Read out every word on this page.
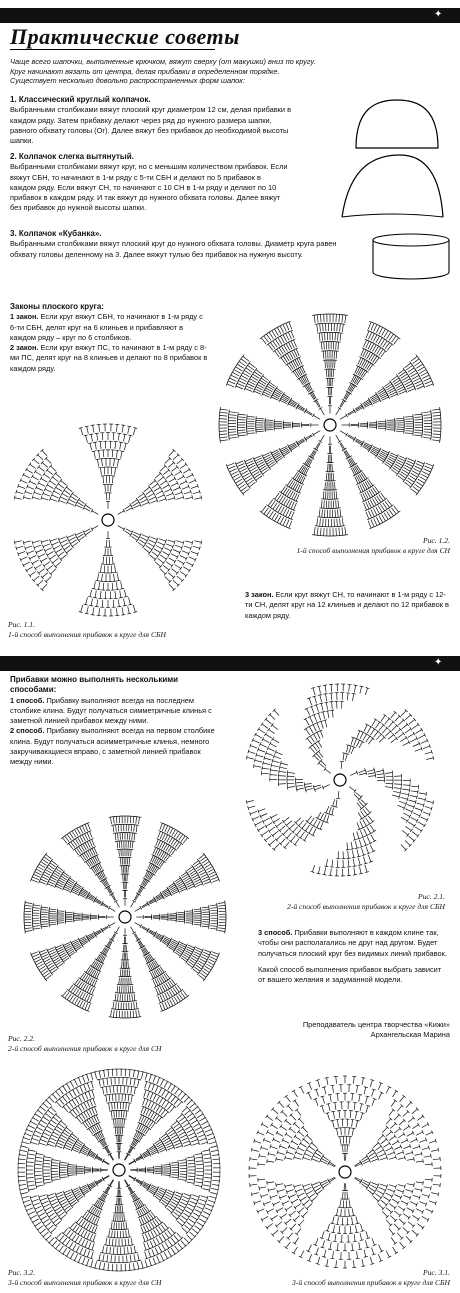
✦
Практические советы

Чаще всего шапочки, выполненные крючком, вяжут сверху (от макушки) вниз по кругу.

Круг начинают вязать от центра, делая прибавки в определенном порядке.

Существует несколько довольно распространенных форм шапок:

1. Классический круглый колпачок.

Выбранными столбиками вяжут плоский круг диаметром 12 см, делая прибавки в каждом ряду. Затем прибавку делают через ряд до нужного размера шапки, равного обхвату головы (Ог). Далее вяжут без прибавок до необходимой высоты шапки.

2. Колпачок слегка вытянутый.

Выбранными столбиками вяжут круг, но с меньшим количеством прибавок. Если вяжут СБН, то начинают в 1-м ряду с 5-ти СБН и делают по 5 прибавок в каждом ряду. Если вяжут СН, то начинают с 10 СН в 1-м ряду и делают по 10 прибавок в каждом ряду. И так вяжут до нужного обхвата головы. Далее вяжут без прибавок до нужной высоты шапки.

3. Колпачок «Кубанка».

Выбранными столбиками вяжут плоский круг до нужного обхвата головы. Диаметр круга равен обхвату головы деленному на 3. Далее вяжут тулью без прибавок на нужную высоту.

Законы плоского круга:

1 закон. Если круг вяжут СБН, то начинают в 1-м ряду с 6-ти СБН, делят круг на 6 клиньев и прибавляют в каждом ряду – круг по 6 столбиков.

2 закон. Если круг вяжут ПС, то начинают в 1-м ряду с 8-ми ПС, делят круг на 8 клиньев и делают по 8 прибавок в каждом ряду.

Рис. 1.2.

1-й способ выполнения прибавок в круге для СН

Рис. 1.1.

1-й способ выполнения прибавок в круге для СБН

3 закон. Если круг вяжут СН, то начинают в 1-м ряду с 12-ти СН, делят круг на 12 клиньев и делают по 12 прибавок в каждом ряду.

✦

Прибавки можно выполнять несколькими способами:

1 способ. Прибавку выполняют всегда на последнем столбике клина. Будут получаться симметричные клинья с заметной линией прибавок между ними.

2 способ. Прибавку выполняют всегда на первом столбике клина. Будут получаться асимметричные клинья, немного закручивающиеся вправо, с заметной линией прибавок между ними.

Рис. 2.1.

2-й способ выполнения прибавок в круге для СБН

Рис. 2.2.

2-й способ выполнения прибавок в круге для СН

3 способ. Прибавки выполняют в каждом клине так, чтобы они располагались не друг над другом. Будет получаться плоский круг без видимых линий прибавок.

Какой способ выполнения прибавок выбрать зависит от вашего желания и задуманной модели.

Преподаватель центра творчества «Кижи»

Архангельская Марина

Рис. 3.2.

3-й способ выполнения прибавок в круге для СН

Рис. 3.1.

3-й способ выполнения прибавок в круге для СБН
